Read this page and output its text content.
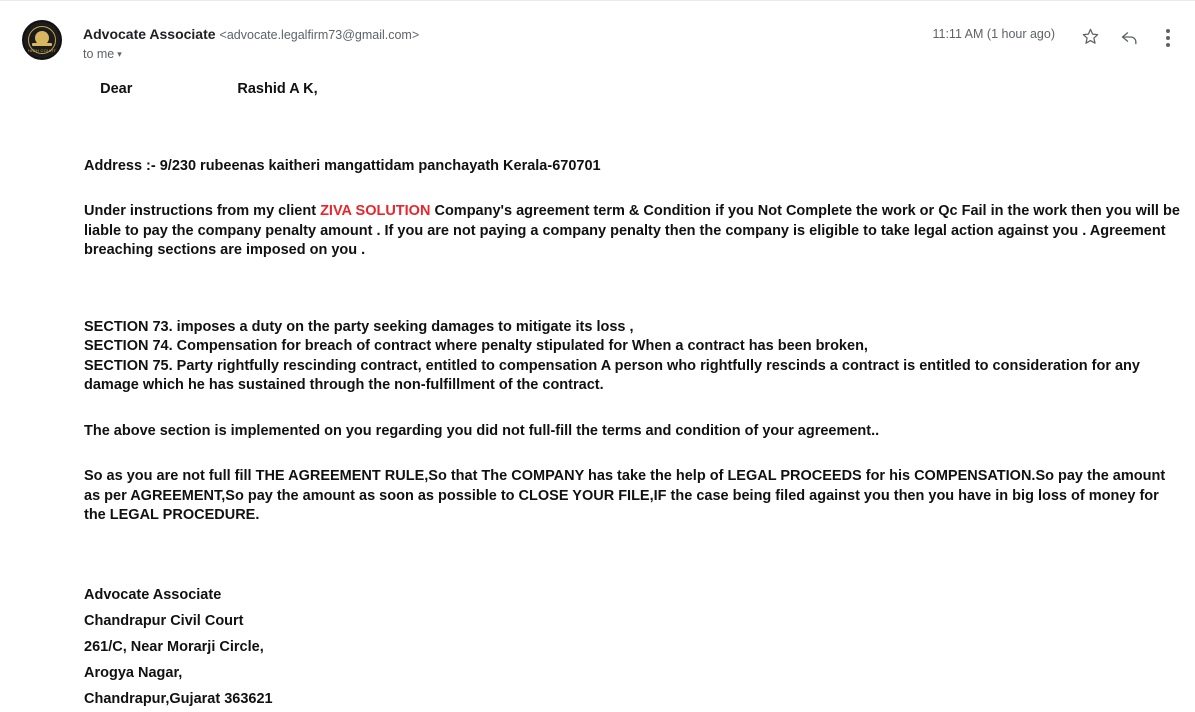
HIGH COURT
Advocate Associate <advocate.legalfirm73@gmail.com>
to me ▾
11:11 AM (1 hour ago)

Dear	Rashid A K,

Address :- 9/230 rubeenas kaitheri mangattidam panchayath Kerala-670701

Under instructions from my client ZIVA SOLUTION Company's agreement term & Condition if you Not Complete the work or Qc Fail in the work then you will be liable to pay the company penalty amount . If you are not paying a company penalty then the company is eligible to take legal action against you . Agreement breaching sections are imposed on you .

SECTION 73. imposes a duty on the party seeking damages to mitigate its loss ,

SECTION 74. Compensation for breach of contract where penalty stipulated for When a contract has been broken,

SECTION 75. Party rightfully rescinding contract, entitled to compensation A person who rightfully rescinds a contract is entitled to consideration for any damage which he has sustained through the non-fulfillment of the contract.

The above section is implemented on you regarding you did not full-fill the terms and condition of your agreement..

So as you are not full fill THE AGREEMENT RULE,So that The COMPANY has take the help of LEGAL PROCEEDS for his COMPENSATION.So pay the amount as per AGREEMENT,So pay the amount as soon as possible to CLOSE YOUR FILE,IF the case being filed against you then you have in big loss of money for the LEGAL PROCEDURE.

Advocate Associate
Chandrapur Civil Court
261/C, Near Morarji Circle,
Arogya Nagar,
Chandrapur,Gujarat 363621
